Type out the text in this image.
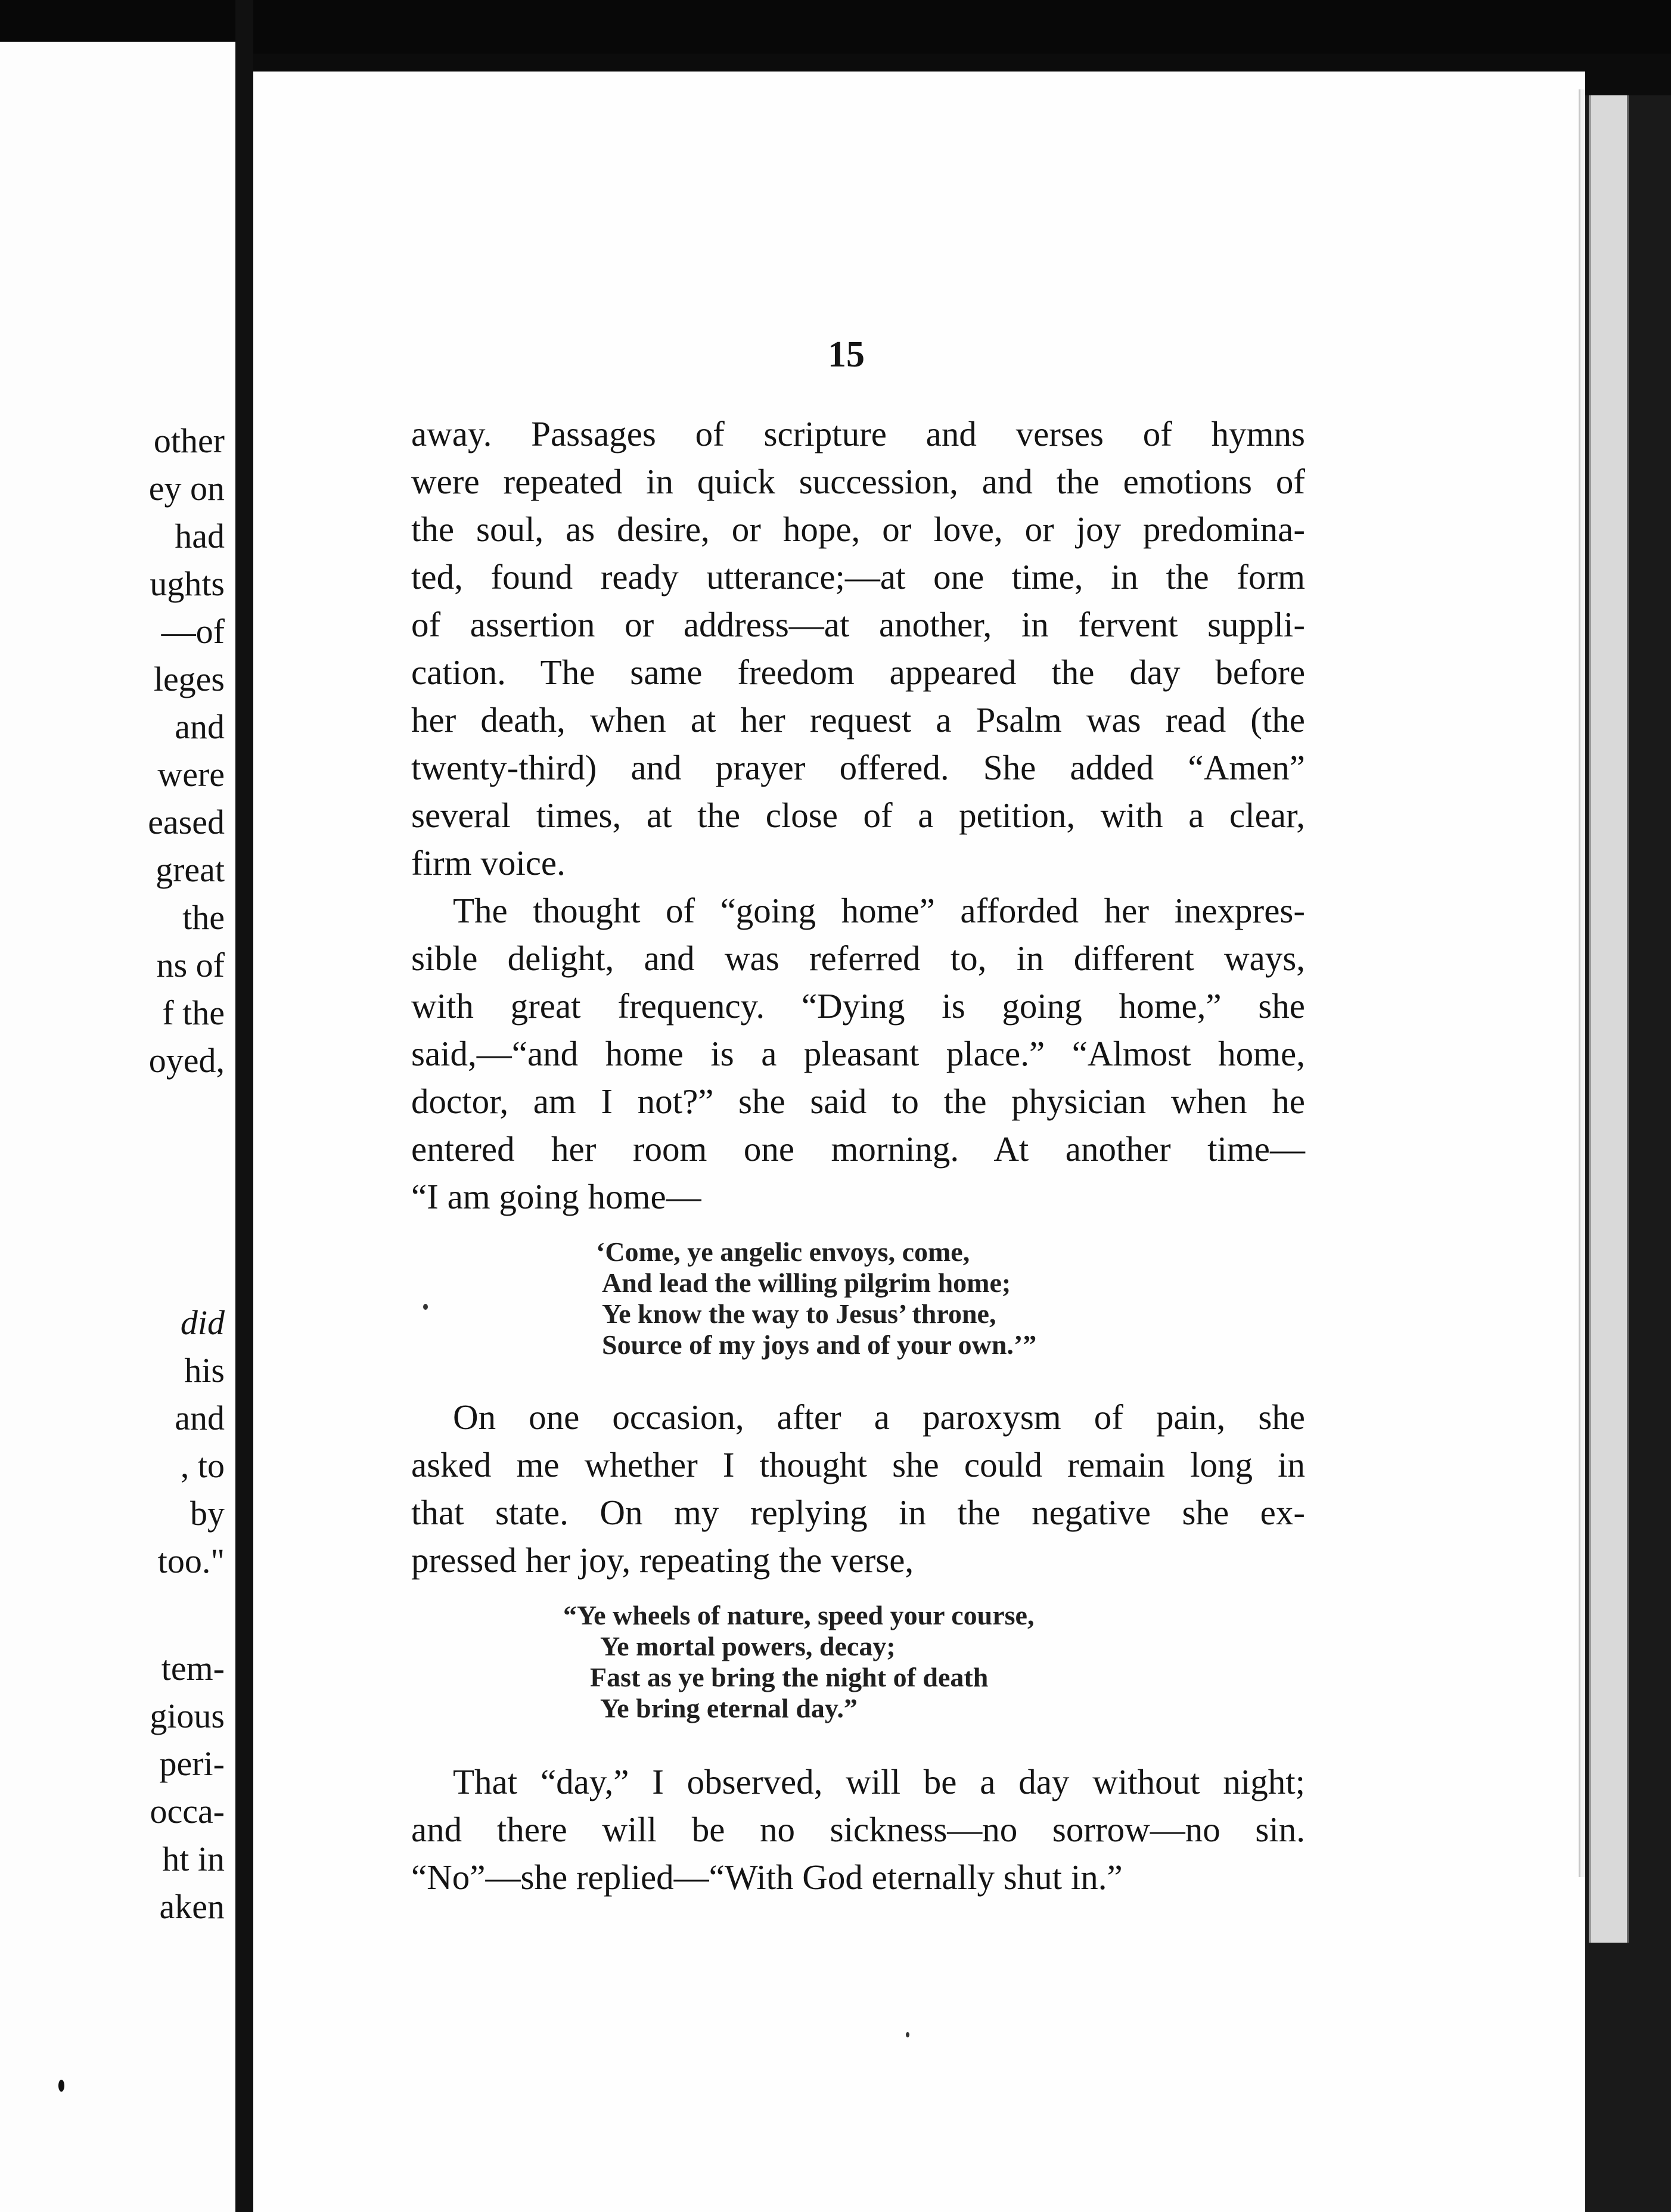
other

ey on

had

ughts

—of

leges

and

were

eased

great

the

ns of

f the

oyed,

did

his

and

, to

by

too."

tem-

gious

peri-

occa-

ht in

aken

15

away. Passages of scripture and verses of hymns

were repeated in quick succession, and the emotions of

the soul, as desire, or hope, or love, or joy predomina-

ted, found ready utterance;—at one time, in the form

of assertion or address—at another, in fervent suppli-

cation. The same freedom appeared the day before

her death, when at her request a Psalm was read (the

twenty-third) and prayer offered. She added “Amen”

several times, at the close of a petition, with a clear,

firm voice.

The thought of “going home” afforded her inexpres-

sible delight, and was referred to, in different ways,

with great frequency. “Dying is going home,” she

said,—“and home is a pleasant place.” “Almost home,

doctor, am I not?” she said to the physician when he

entered her room one morning. At another time—

“I am going home—

‘Come, ye angelic envoys, come,

And lead the willing pilgrim home;

Ye know the way to Jesus’ throne,

Source of my joys and of your own.’”

On one occasion, after a paroxysm of pain, she

asked me whether I thought she could remain long in

that state. On my replying in the negative she ex-

pressed her joy, repeating the verse,

“Ye wheels of nature, speed your course,

Ye mortal powers, decay;

Fast as ye bring the night of death

Ye bring eternal day.”

That “day,” I observed, will be a day without night;

and there will be no sickness—no sorrow—no sin.

“No”—she replied—“With God eternally shut in.”
